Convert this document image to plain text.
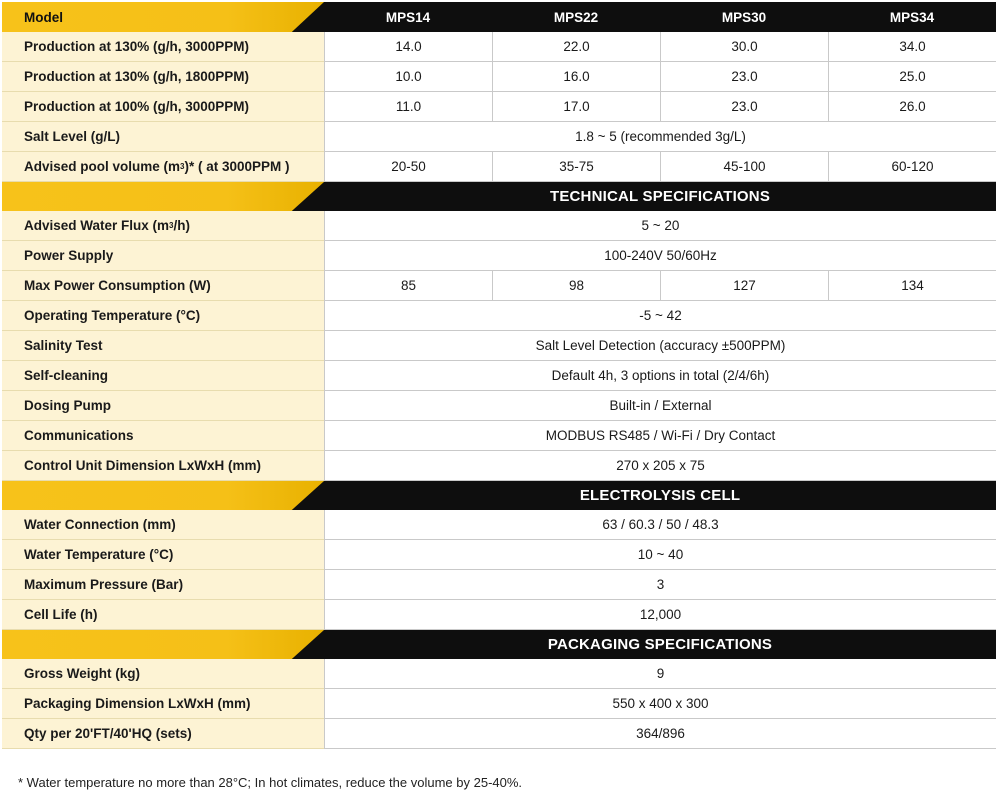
Model	MPS14	MPS22	MPS30	MPS34
Production at 130% (g/h, 3000PPM)	14.0	22.0	30.0	34.0
Production at 130% (g/h, 1800PPM)	10.0	16.0	23.0	25.0
Production at 100% (g/h, 3000PPM)	11.0	17.0	23.0	26.0
Salt Level (g/L)	1.8 ~ 5 (recommended 3g/L)
Advised pool volume (m 3 )* ( at 3000PPM )	20-50	35-75	45-100	60-120
TECHNICAL SPECIFICATIONS
Advised Water Flux (m 3 /h)	5 ~ 20
Power Supply	100-240V 50/60Hz
Max Power Consumption (W)	85	98	127	134
Operating Temperature (°C)	-5 ~ 42
Salinity Test	Salt Level Detection (accuracy ±500PPM)
Self-cleaning	Default 4h, 3 options in total (2/4/6h)
Dosing Pump	Built-in / External
Communications	MODBUS RS485 / Wi-Fi / Dry Contact
Control Unit Dimension LxWxH (mm)	270 x 205 x 75
ELECTROLYSIS CELL
Water Connection (mm)	63 / 60.3 / 50 / 48.3
Water Temperature (°C)	10 ~ 40
Maximum Pressure (Bar)	3
Cell Life (h)	12,000
PACKAGING SPECIFICATIONS
Gross Weight (kg)	9
Packaging Dimension LxWxH (mm)	550 x 400 x 300
Qty per 20'FT/40'HQ (sets)	364/896
* Water temperature no more than 28°C; In hot climates, reduce the volume by 25-40%.
